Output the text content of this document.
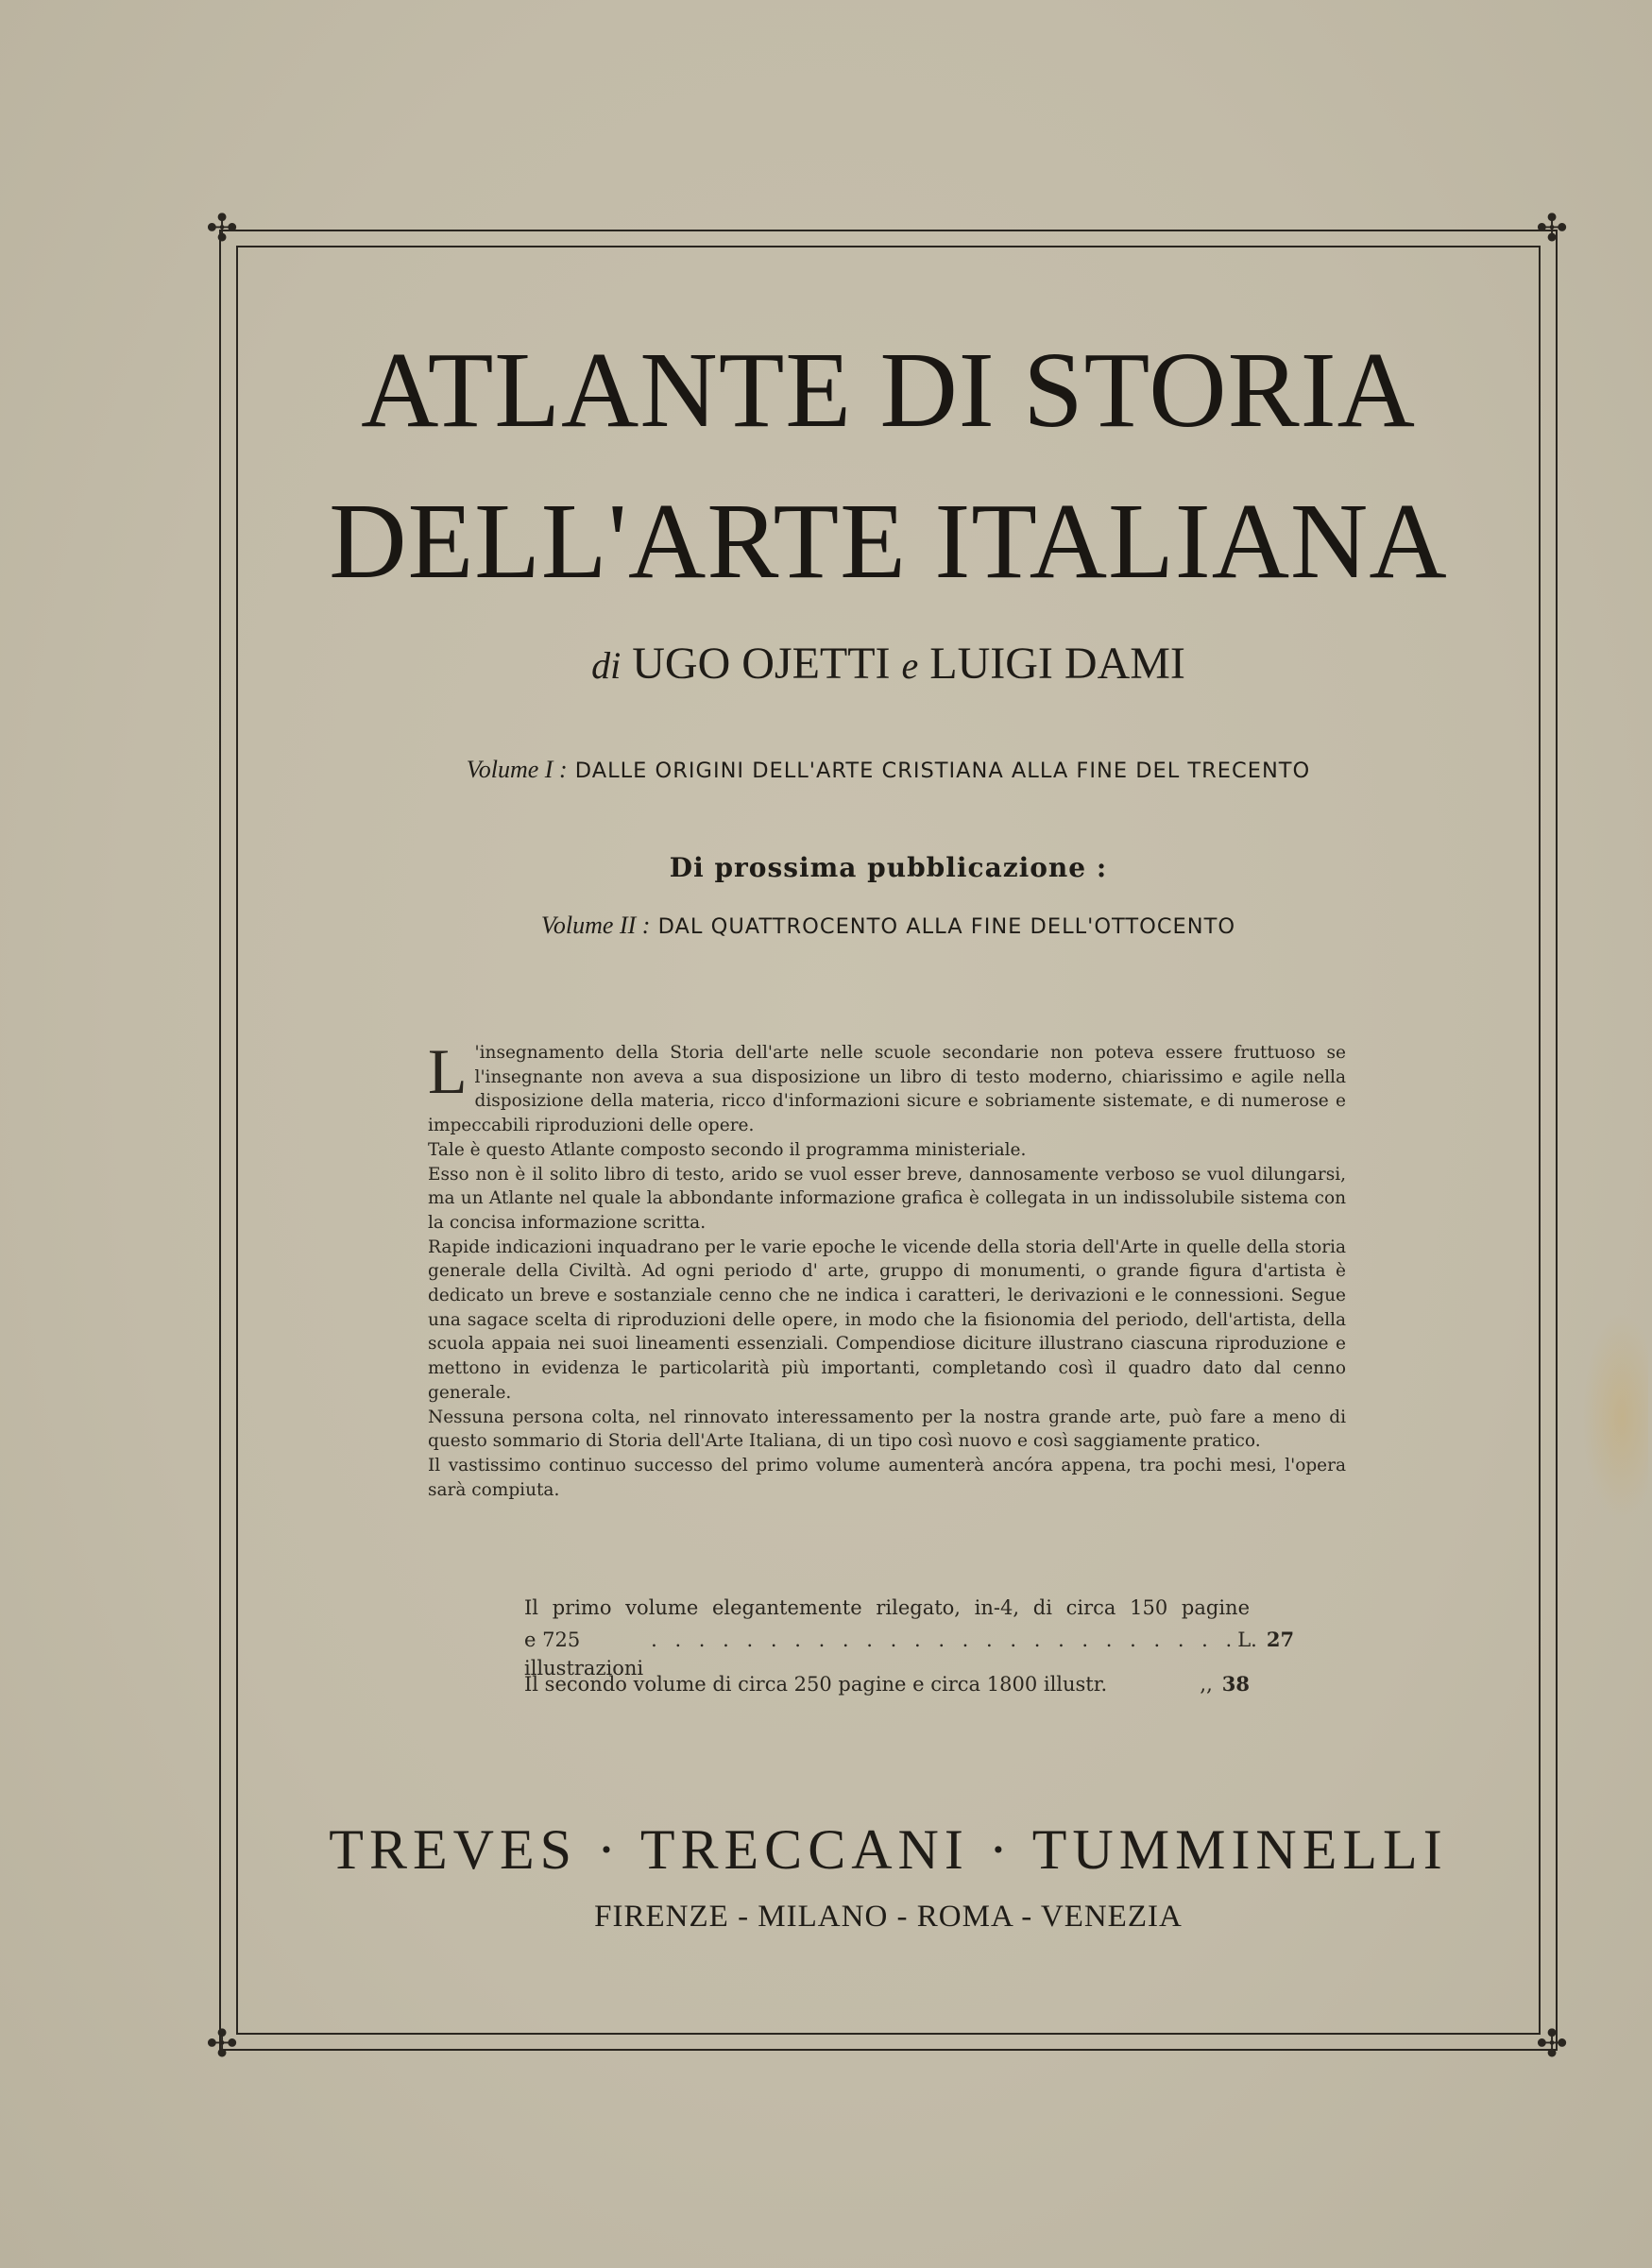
✣	✣
✣	✣
ATLANTE DI STORIA
DELL'ARTE ITALIANA
di UGO OJETTI e LUIGI DAMI
Volume I : DALLE ORIGINI DELL'ARTE CRISTIANA ALLA FINE DEL TRECENTO
Di prossima pubblicazione :
Volume II : DAL QUATTROCENTO ALLA FINE DELL'OTTOCENTO

L 'insegnamento della Storia dell'arte nelle scuole secondarie non poteva essere fruttuoso se l'insegnante non aveva a sua disposizione un libro di testo moderno, chiarissimo e agile nella disposizione della materia, ricco d'informazioni sicure e sobriamente sistemate, e di numerose e impeccabili riproduzioni delle opere.

Tale è questo Atlante composto secondo il programma ministeriale.

Esso non è il solito libro di testo, arido se vuol esser breve, dannosamente verboso se vuol dilungarsi, ma un Atlante nel quale la abbondante informazione grafica è collegata in un indissolubile sistema con la concisa informazione scritta.

Rapide indicazioni inquadrano per le varie epoche le vicende della storia dell'Arte in quelle della storia generale della Civiltà. Ad ogni periodo d' arte, gruppo di monumenti, o grande figura d'artista è dedicato un breve e sostanziale cenno che ne indica i caratteri, le derivazioni e le connessioni. Segue una sagace scelta di riproduzioni delle opere, in modo che la fisionomia del periodo, dell'artista, della scuola appaia nei suoi lineamenti essenziali. Compendiose diciture illustrano ciascuna riproduzione e mettono in evidenza le particolarità più importanti, completando così il quadro dato dal cenno generale.

Nessuna persona colta, nel rinnovato interessamento per la nostra grande arte, può fare a meno di questo sommario di Storia dell'Arte Italiana, di un tipo così nuovo e così saggiamente pratico.

Il vastissimo continuo successo del primo volume aumenterà ancóra appena, tra pochi mesi, l'opera sarà compiuta.

Il primo volume elegantemente rilegato, in-4, di circa 150 pagine
e 725 illustrazioni
. . . . . . . . . . . . . . . . . . . . . . . . . L. 27
Il secondo volume di circa 250 pagine e circa 1800 illustr.	,, 38
TREVES · TRECCANI · TUMMINELLI
FIRENZE - MILANO - ROMA - VENEZIA
